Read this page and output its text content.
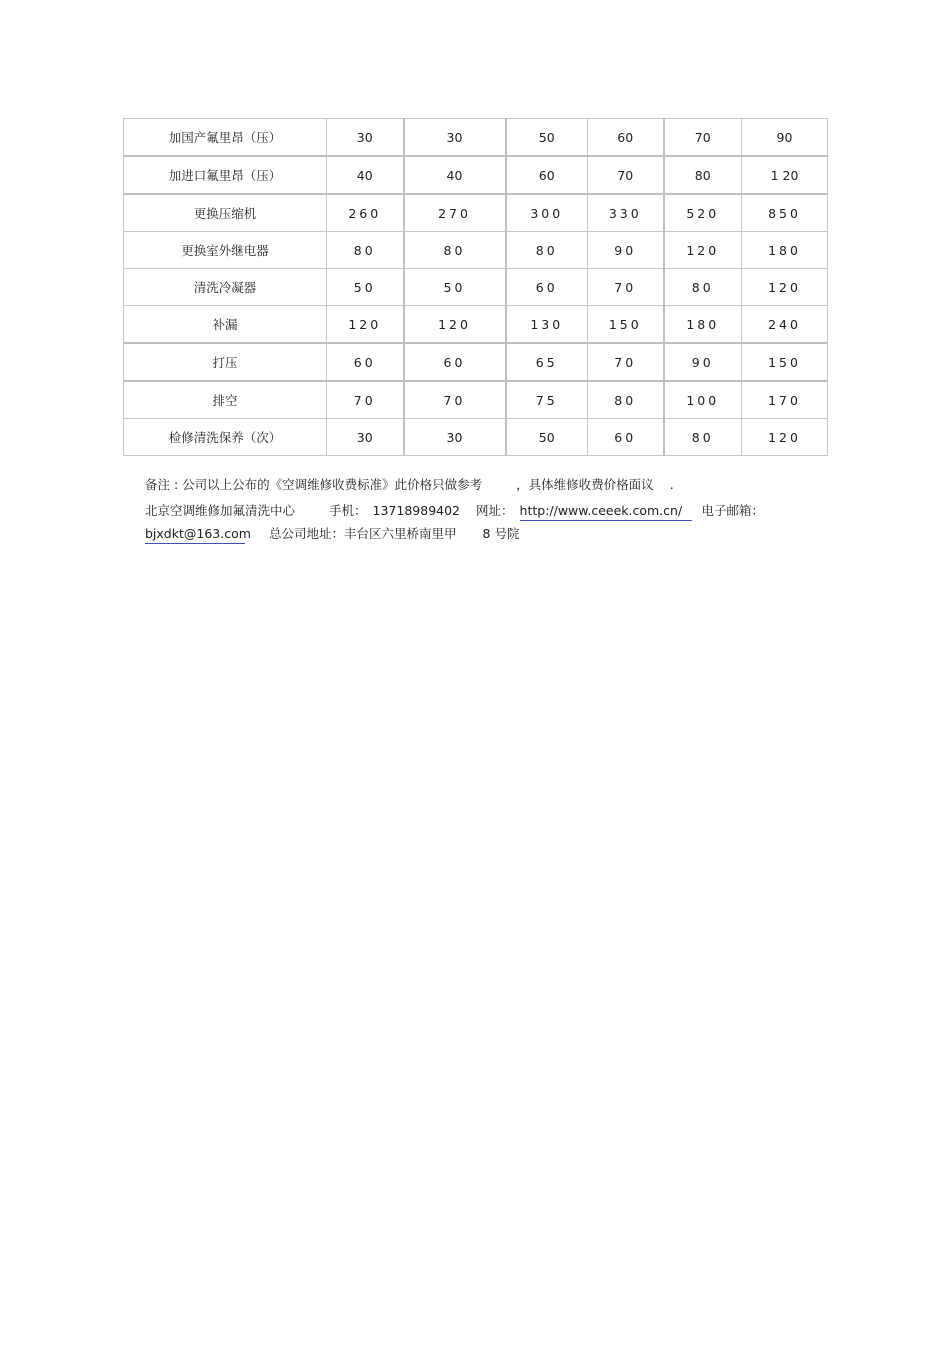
加国产氟里昂（压）	30	30	50	60	70	90
加进口氟里昂（压）	40	40	60	70	80	1 20
更换压缩机	260	270	300	330	520	850
更换室外继电器	80	80	80	90	120	180
清洗冷凝器	50	50	60	70	80	120
补漏	120	120	130	150	180	240
打压	60	60	65	70	90	150
排空	70	70	75	80	100	170
检修清洗保养（次）	30	30	50	60	80	120
备注 : 公司以上公布的《空调维修收费标准》此价格只做参考	，具体维修收费价格面议 .
北京空调维修加氟清洗中心	手机： 13718989402 网址： http://www.ceeek.com.cn/ 电子邮箱：
bjxdkt@163.com 总公司地址：丰台区六里桥南里甲 8 号院
